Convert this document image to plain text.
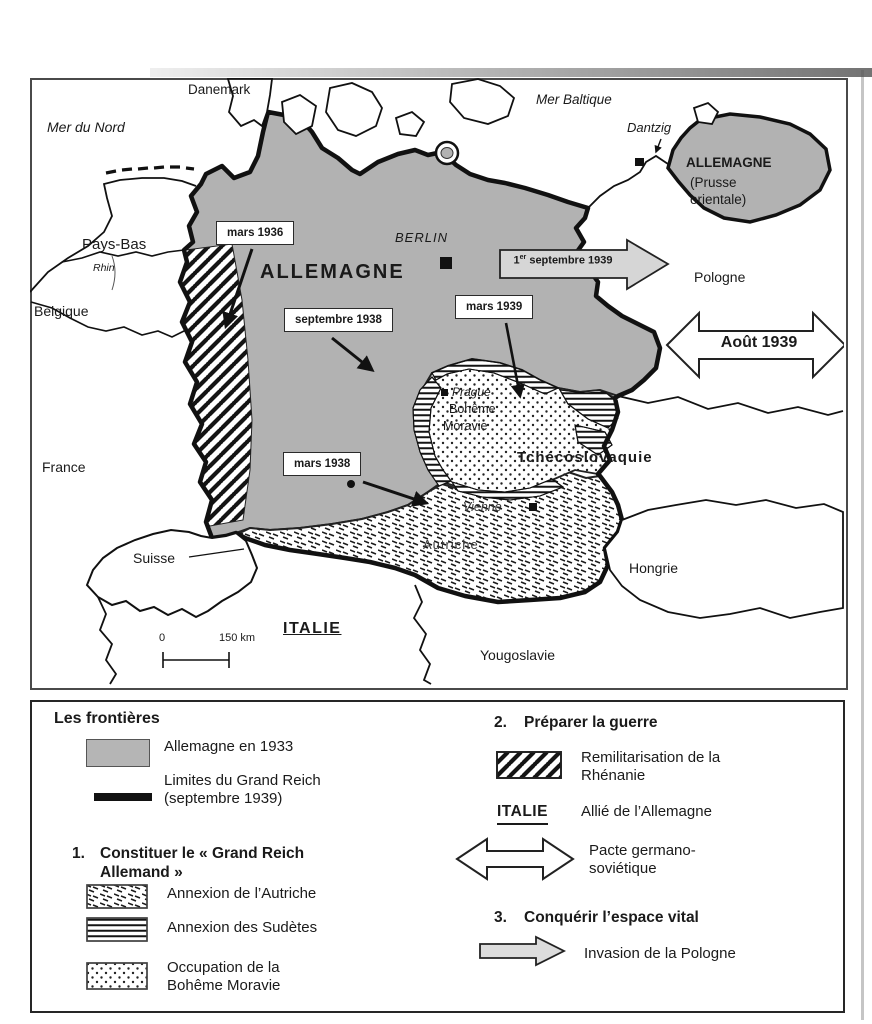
Danemark
Mer du Nord
Mer Baltique
Dantzig
ALLEMAGNE
(Prusse
orientale)
Pays-Bas
Rhin
Belgique
France
Suisse
Pologne
ALLEMAGNE
BERLIN
Prague
Bohême
Moravie
Tchécoslovaquie
Vienne
Autriche
Hongrie
ITALIE
Yougoslavie
Août 1939
1er septembre 1939
0	150 km
mars 1936
septembre 1938
mars 1939
mars 1938
Les frontières
Allemagne en 1933
Limites du Grand Reich
(septembre 1939)
1. Constituer le « Grand Reich
Allemand »
Annexion de l’Autriche
Annexion des Sudètes
Occupation de la
Bohême Moravie
2. Préparer la guerre
Remilitarisation de la
Rhénanie
ITALIE Allié de l’Allemagne
Pacte germano-
soviétique
3. Conquérir l’espace vital
Invasion de la Pologne
